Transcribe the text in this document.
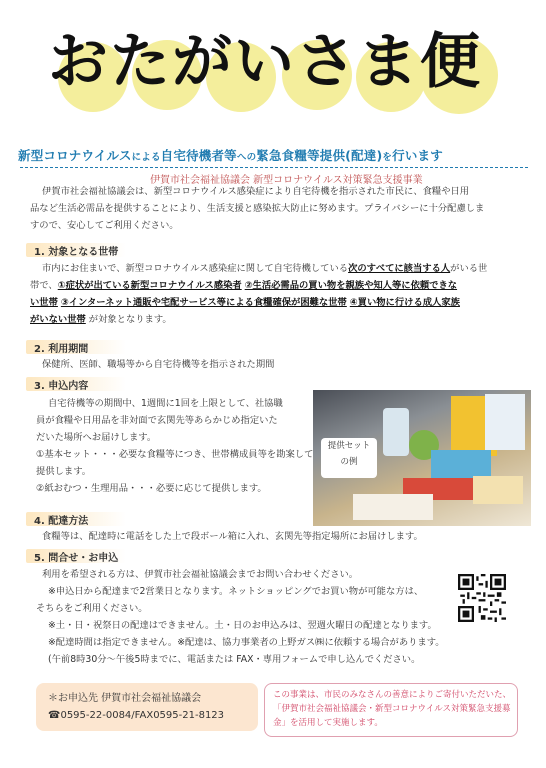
おたがいさま便
新型コロナウイルスによる自宅待機者等への緊急食糧等提供(配達)を行います
伊賀市社会福祉協議会 新型コロナウイルス対策緊急支援事業
伊賀市社会福祉協議会は、新型コロナウイルス感染症により自宅待機を指示された市民に、食糧や日用
品など生活必需品を提供することにより、生活支援と感染拡大防止に努めます。プライバシーに十分配慮しま
すので、安心してご利用ください。
1. 対象となる世帯
市内にお住まいで、新型コロナウイルス感染症に関して自宅待機している次のすべてに該当する人がいる世
帯で、①症状が出ている新型コロナウイルス感染者 ②生活必需品の買い物を親族や知人等に依頼できな
い世帯 ③インターネット通販や宅配サービス等による食糧確保が困難な世帯 ④買い物に行ける成人家族
がいない世帯 が対象となります。
2. 利用期間
保健所、医師、職場等から自宅待機等を指示された期間
3. 申込内容
自宅待機等の期間中、1週間に1回を上限として、社協職
員が食糧や日用品を非対面で玄関先等あらかじめ指定いた
だいた場所へお届けします。
①基本セット・・・必要な食糧等につき、世帯構成員等を勘案して
提供します。
②紙おむつ・生理用品・・・必要に応じて提供します。
提供セット
の例
4. 配達方法
食糧等は、配達時に電話をした上で段ボール箱に入れ、玄関先等指定場所にお届けします。
5. 問合せ・お申込
利用を希望される方は、伊賀市社会福祉協議会までお問い合わせください。
※申込日から配達まで2営業日となります。ネットショッピングでお買い物が可能な方は、
そちらをご利用ください。
※土・日・祝祭日の配達はできません。土・日のお申込みは、翌週火曜日の配達となります。
※配達時間は指定できません。※配達は、協力事業者の上野ガス㈱に依頼する場合があります。
(午前8時30分〜午後5時までに、電話または FAX・専用フォームで申し込んでください。
＊お申込先 伊賀市社会福祉協議会
☎0595-22-0084/FAX0595-21-8123
この事業は、市民のみなさんの善意によりご寄付いただいた、「伊賀市社会福祉協議会・新型コロナウイルス対策緊急支援募金」を活用して実施します。
